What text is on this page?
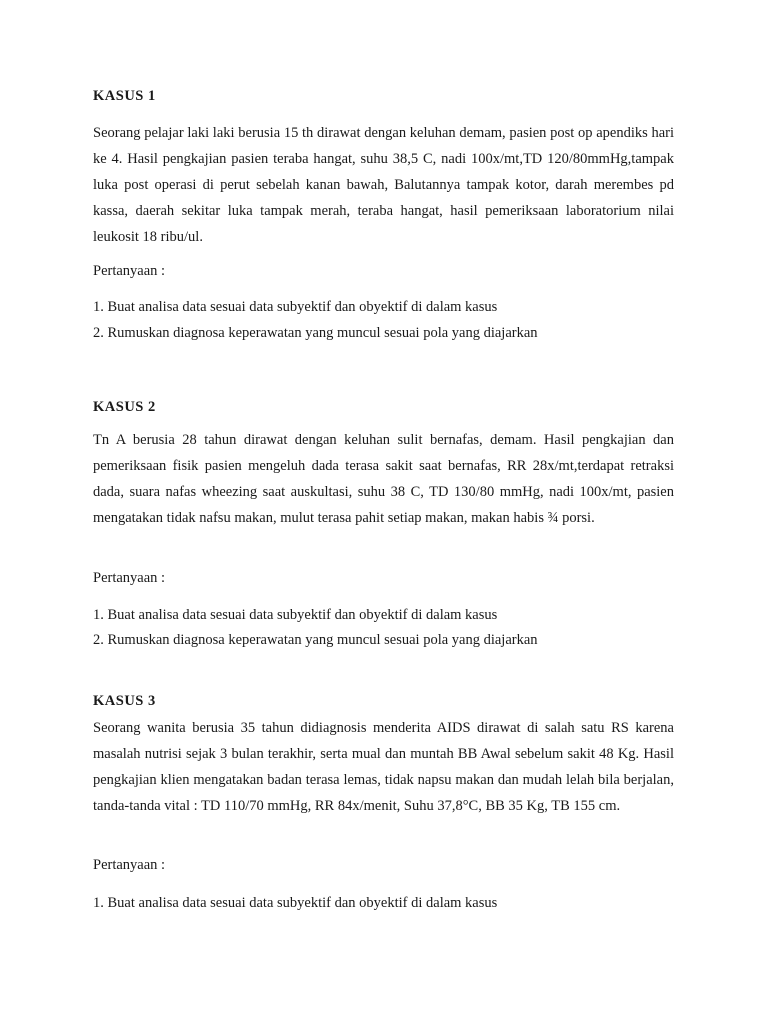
KASUS 1
Seorang pelajar laki laki berusia 15 th dirawat dengan keluhan demam, pasien post op apendiks hari ke 4. Hasil pengkajian pasien teraba hangat, suhu 38,5 C, nadi 100x/mt,TD 120/80mmHg,tampak luka post operasi di perut sebelah kanan bawah, Balutannya tampak kotor, darah merembes pd kassa, daerah sekitar luka tampak merah, teraba hangat, hasil pemeriksaan laboratorium nilai leukosit 18 ribu/ul.
Pertanyaan :
1. Buat analisa data sesuai data subyektif dan obyektif di dalam kasus
2. Rumuskan diagnosa keperawatan yang muncul sesuai pola yang diajarkan
KASUS 2
Tn A berusia 28 tahun dirawat dengan keluhan sulit bernafas, demam. Hasil pengkajian dan pemeriksaan fisik pasien mengeluh dada terasa sakit saat bernafas, RR 28x/mt,terdapat retraksi dada, suara nafas wheezing saat auskultasi, suhu 38 C, TD 130/80 mmHg, nadi 100x/mt, pasien mengatakan tidak nafsu makan, mulut terasa pahit setiap makan, makan habis ¾ porsi.
Pertanyaan :
1. Buat analisa data sesuai data subyektif dan obyektif di dalam kasus
2. Rumuskan diagnosa keperawatan yang muncul sesuai pola yang diajarkan
KASUS 3
Seorang wanita berusia 35 tahun didiagnosis menderita AIDS dirawat di salah satu RS karena masalah nutrisi sejak 3 bulan terakhir, serta mual dan muntah BB Awal sebelum sakit 48 Kg. Hasil pengkajian klien mengatakan badan terasa lemas, tidak napsu makan dan mudah lelah bila berjalan, tanda-tanda vital : TD 110/70 mmHg, RR 84x/menit, Suhu 37,8°C, BB 35 Kg, TB 155 cm.
Pertanyaan :
1. Buat analisa data sesuai data subyektif dan obyektif di dalam kasus
